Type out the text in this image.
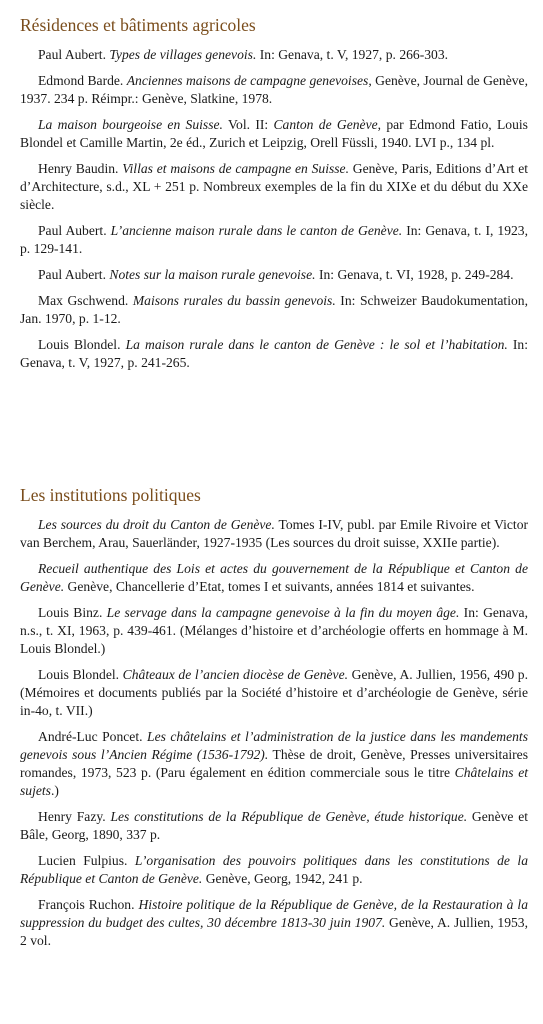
Résidences et bâtiments agricoles

Paul Aubert. Types de villages genevois. In: Genava, t. V, 1927, p. 266-303.

Edmond Barde. Anciennes maisons de campagne genevoises, Genève, Journal de Genève, 1937. 234 p. Réimpr.: Genève, Slatkine, 1978.

La maison bourgeoise en Suisse. Vol. II: Canton de Genève, par Edmond Fatio, Louis Blondel et Camille Martin, 2e éd., Zurich et Leipzig, Orell Füssli, 1940. LVI p., 134 pl.

Henry Baudin. Villas et maisons de campagne en Suisse. Genève, Paris, Editions d’Art et d’Architecture, s.d., XL + 251 p. Nombreux exemples de la fin du XIXe et du début du XXe siècle.

Paul Aubert. L’ancienne maison rurale dans le canton de Genève. In: Genava, t. I, 1923, p. 129-141.

Paul Aubert. Notes sur la maison rurale genevoise. In: Genava, t. VI, 1928, p. 249-284.

Max Gschwend. Maisons rurales du bassin genevois. In: Schweizer Baudokumentation, Jan. 1970, p. 1-12.

Louis Blondel. La maison rurale dans le canton de Genève : le sol et l’habitation. In: Genava, t. V, 1927, p. 241-265.

Les institutions politiques

Les sources du droit du Canton de Genève. Tomes I-IV, publ. par Emile Rivoire et Victor van Berchem, Arau, Sauerländer, 1927-1935 (Les sources du droit suisse, XXIIe partie).

Recueil authentique des Lois et actes du gouvernement de la République et Canton de Genève. Genève, Chancellerie d’Etat, tomes I et suivants, années 1814 et suivantes.

Louis Binz. Le servage dans la campagne genevoise à la fin du moyen âge. In: Genava, n.s., t. XI, 1963, p. 439-461. (Mélanges d’histoire et d’archéologie offerts en hommage à M. Louis Blondel.)

Louis Blondel. Châteaux de l’ancien diocèse de Genève. Genève, A. Jullien, 1956, 490 p. (Mémoires et documents publiés par la Société d’histoire et d’archéologie de Genève, série in-4o, t. VII.)

André-Luc Poncet. Les châtelains et l’administration de la justice dans les mandements genevois sous l’Ancien Régime (1536-1792). Thèse de droit, Genève, Presses universitaires romandes, 1973, 523 p. (Paru également en édition commerciale sous le titre Châtelains et sujets.)

Henry Fazy. Les constitutions de la République de Genève, étude historique. Genève et Bâle, Georg, 1890, 337 p.

Lucien Fulpius. L’organisation des pouvoirs politiques dans les constitutions de la République et Canton de Genève. Genève, Georg, 1942, 241 p.

François Ruchon. Histoire politique de la République de Genève, de la Restauration à la suppression du budget des cultes, 30 décembre 1813-30 juin 1907. Genève, A. Jullien, 1953, 2 vol.
